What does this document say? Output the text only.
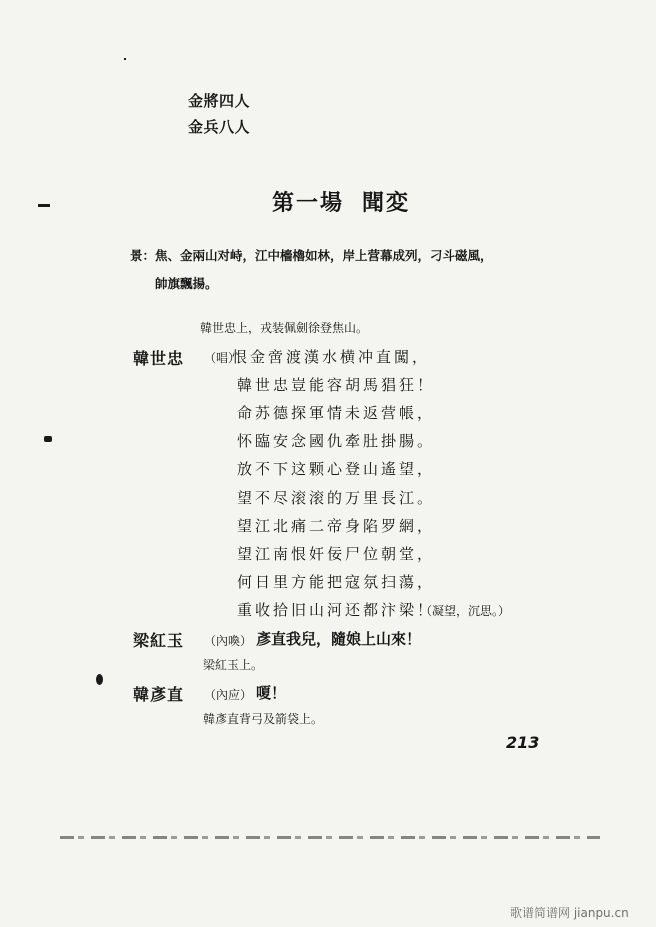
金將四人
金兵八人
第一場 聞変
景：焦、金兩山对峙，江中檣櫓如林，岸上营幕成列，刁斗磁風，
帥旗飄揚。
韓世忠上，戎装佩劍徐登焦山。
韓世忠 （唱）
恨金啻渡漢水横冲直闖，
韓世忠豈能容胡馬猖狂！
命苏德探軍情未返营帳，
怀臨安念國仇牽肚掛腸。
放不下这颗心登山遙望，
望不尽滚滚的万里長江。
望江北痛二帝身陷罗網，
望江南恨奸佞尸位朝堂，
何日里方能把寇氛扫蕩，
重收拾旧山河还都汴梁！
（凝望，沉思。）
梁紅玉 （內喚） 彥直我兒，隨娘上山來！
梁紅玉上。
韓彥直 （內应） 嗄！
韓彥直背弓及箭袋上。
213
歌谱简谱网 jianpu.cn
